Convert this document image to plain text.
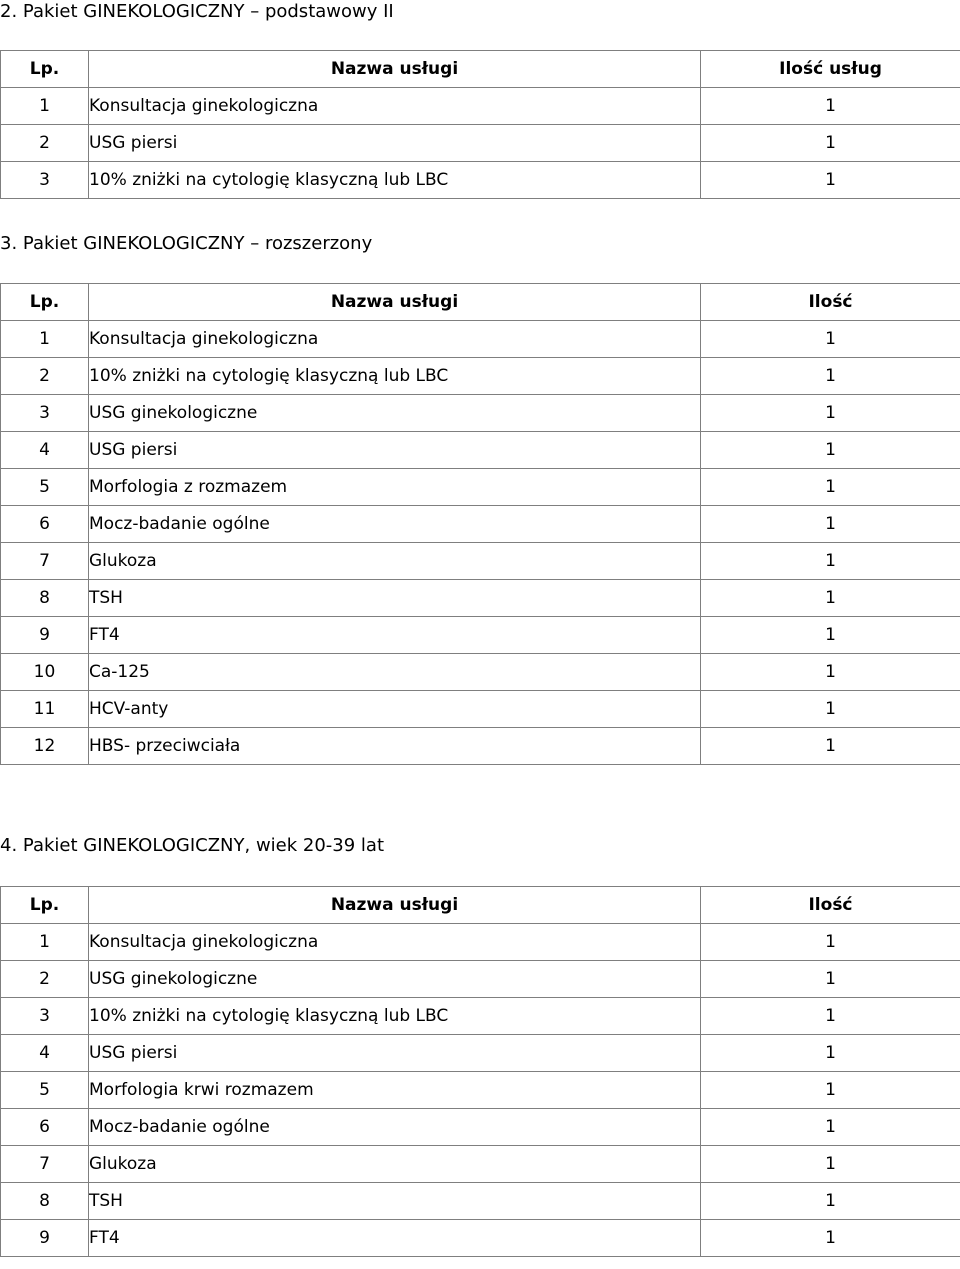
2. Pakiet GINEKOLOGICZNY – podstawowy II
Lp.	Nazwa usługi	Ilość usług
1	Konsultacja ginekologiczna	1
2	USG piersi	1
3	10% zniżki na cytologię klasyczną lub LBC	1
3. Pakiet GINEKOLOGICZNY – rozszerzony
Lp.	Nazwa usługi	Ilość
1	Konsultacja ginekologiczna	1
2	10% zniżki na cytologię klasyczną lub LBC	1
3	USG ginekologiczne	1
4	USG piersi	1
5	Morfologia z rozmazem	1
6	Mocz-badanie ogólne	1
7	Glukoza	1
8	TSH	1
9	FT4	1
10	Ca-125	1
11	HCV-anty	1
12	HBS- przeciwciała	1
4. Pakiet GINEKOLOGICZNY, wiek 20-39 lat
Lp.	Nazwa usługi	Ilość
1	Konsultacja ginekologiczna	1
2	USG ginekologiczne	1
3	10% zniżki na cytologię klasyczną lub LBC	1
4	USG piersi	1
5	Morfologia krwi rozmazem	1
6	Mocz-badanie ogólne	1
7	Glukoza	1
8	TSH	1
9	FT4	1
